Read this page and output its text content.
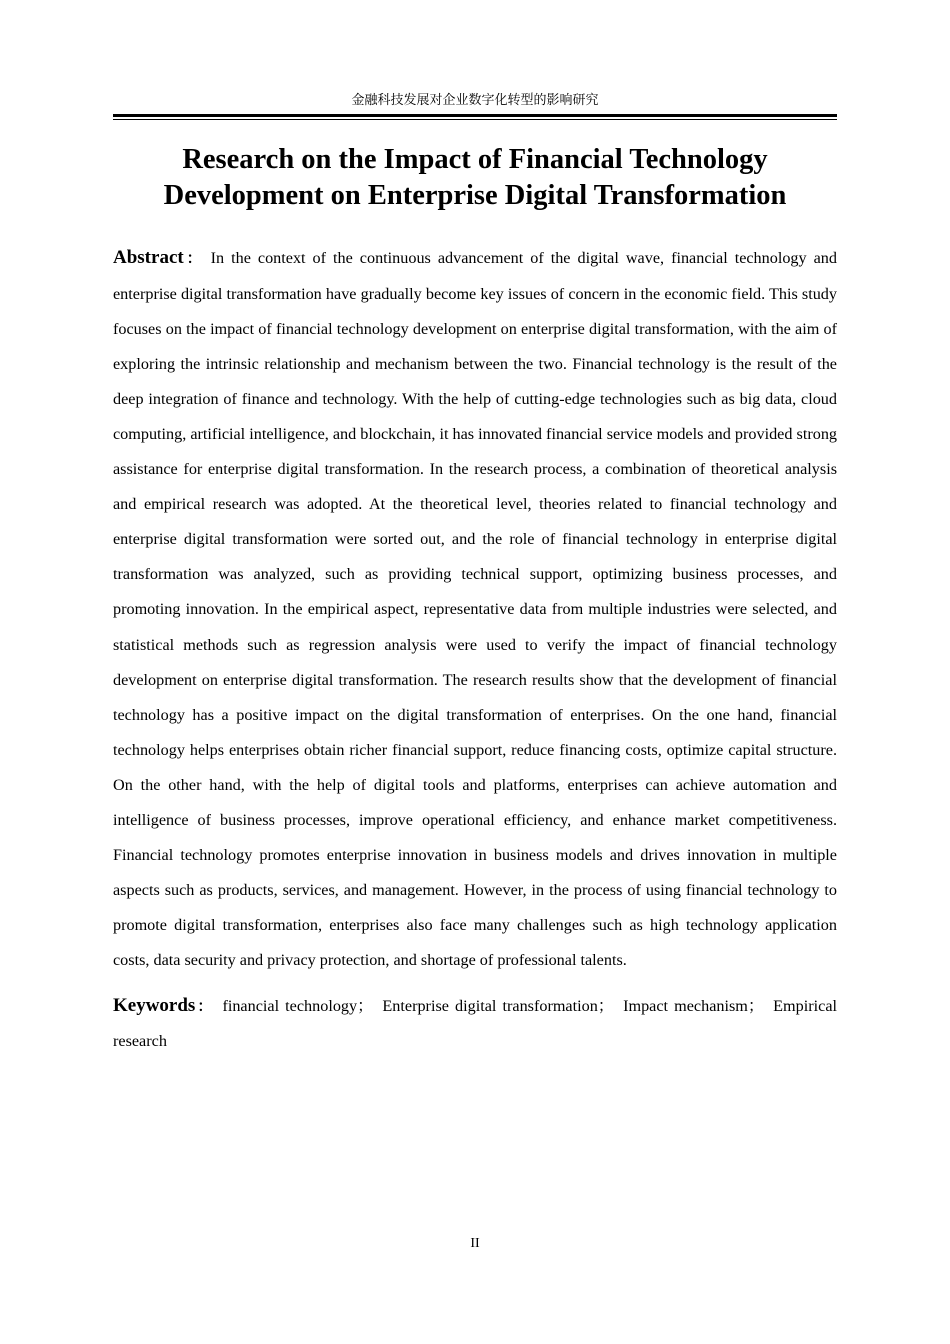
金融科技发展对企业数字化转型的影响研究
Research on the Impact of Financial Technology
Development on Enterprise Digital Transformation

Abstract： In the context of the continuous advancement of the digital wave, financial technology and enterprise digital transformation have gradually become key issues of concern in the economic field. This study focuses on the impact of financial technology development on enterprise digital transformation, with the aim of exploring the intrinsic relationship and mechanism between the two. Financial technology is the result of the deep integration of finance and technology. With the help of cutting-edge technologies such as big data, cloud computing, artificial intelligence, and blockchain, it has innovated financial service models and provided strong assistance for enterprise digital transformation. In the research process, a combination of theoretical analysis and empirical research was adopted. At the theoretical level, theories related to financial technology and enterprise digital transformation were sorted out, and the role of financial technology in enterprise digital transformation was analyzed, such as providing technical support, optimizing business processes, and promoting innovation. In the empirical aspect, representative data from multiple industries were selected, and statistical methods such as regression analysis were used to verify the impact of financial technology development on enterprise digital transformation. The research results show that the development of financial technology has a positive impact on the digital transformation of enterprises. On the one hand, financial technology helps enterprises obtain richer financial support, reduce financing costs, optimize capital structure. On the other hand, with the help of digital tools and platforms, enterprises can achieve automation and intelligence of business processes, improve operational efficiency, and enhance market competitiveness. Financial technology promotes enterprise innovation in business models and drives innovation in multiple aspects such as products, services, and management. However, in the process of using financial technology to promote digital transformation, enterprises also face many challenges such as high technology application costs, data security and privacy protection, and shortage of professional talents.

Keywords： financial technology； Enterprise digital transformation； Impact mechanism； Empirical research

II
